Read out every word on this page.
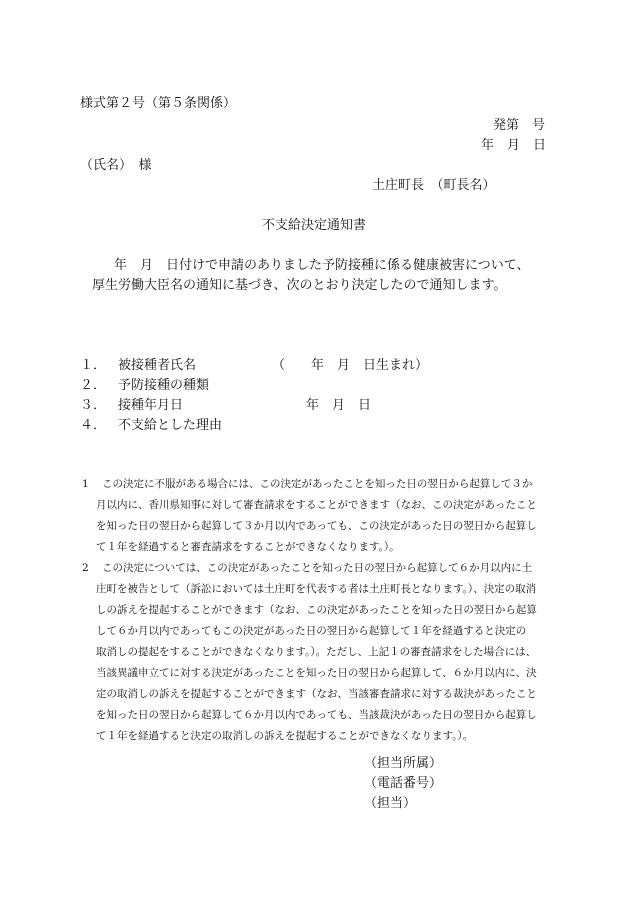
様式第２号（第５条関係）
発第　号
年　月　日
（氏名）　様
土庄町長　（町長名）
不支給決定通知書
　　年　月　日付けで申請のありました予防接種に係る健康被害について、
厚生労働大臣名の通知に基づき、次のとおり決定したので通知します。
１． 被接種者氏名	（　　年　月　日生まれ）
２． 予防接種の種類
３． 接種年月日	年　月　日
４． 不支給とした理由
1	この決定に不服がある場合には、この決定があったことを知った日の翌日から起算して３か

月以内に、香川県知事に対して審査請求をすることができます（なお、この決定があったこと

を知った日の翌日から起算して３か月以内であっても、この決定があった日の翌日から起算し

て１年を経過すると審査請求をすることができなくなります。）。

2	この決定については、この決定があったことを知った日の翌日から起算して６か月以内に土

庄町を被告として（訴訟においては土庄町を代表する者は土庄町長となります。）、決定の取消

しの訴えを提起することができます（なお、この決定があったことを知った日の翌日から起算

して６か月以内であってもこの決定があった日の翌日から起算して１年を経過すると決定の

取消しの提起をすることができなくなります。）。ただし、上記１の審査請求をした場合には、

当該異議申立てに対する決定があったことを知った日の翌日から起算して、６か月以内に、決

定の取消しの訴えを提起することができます（なお、当該審査請求に対する裁決があったこと

を知った日の翌日から起算して６か月以内であっても、当該裁決があった日の翌日から起算し

て１年を経過すると決定の取消しの訴えを提起することができなくなります。）。

（担当所属）
（電話番号）
（担当）
